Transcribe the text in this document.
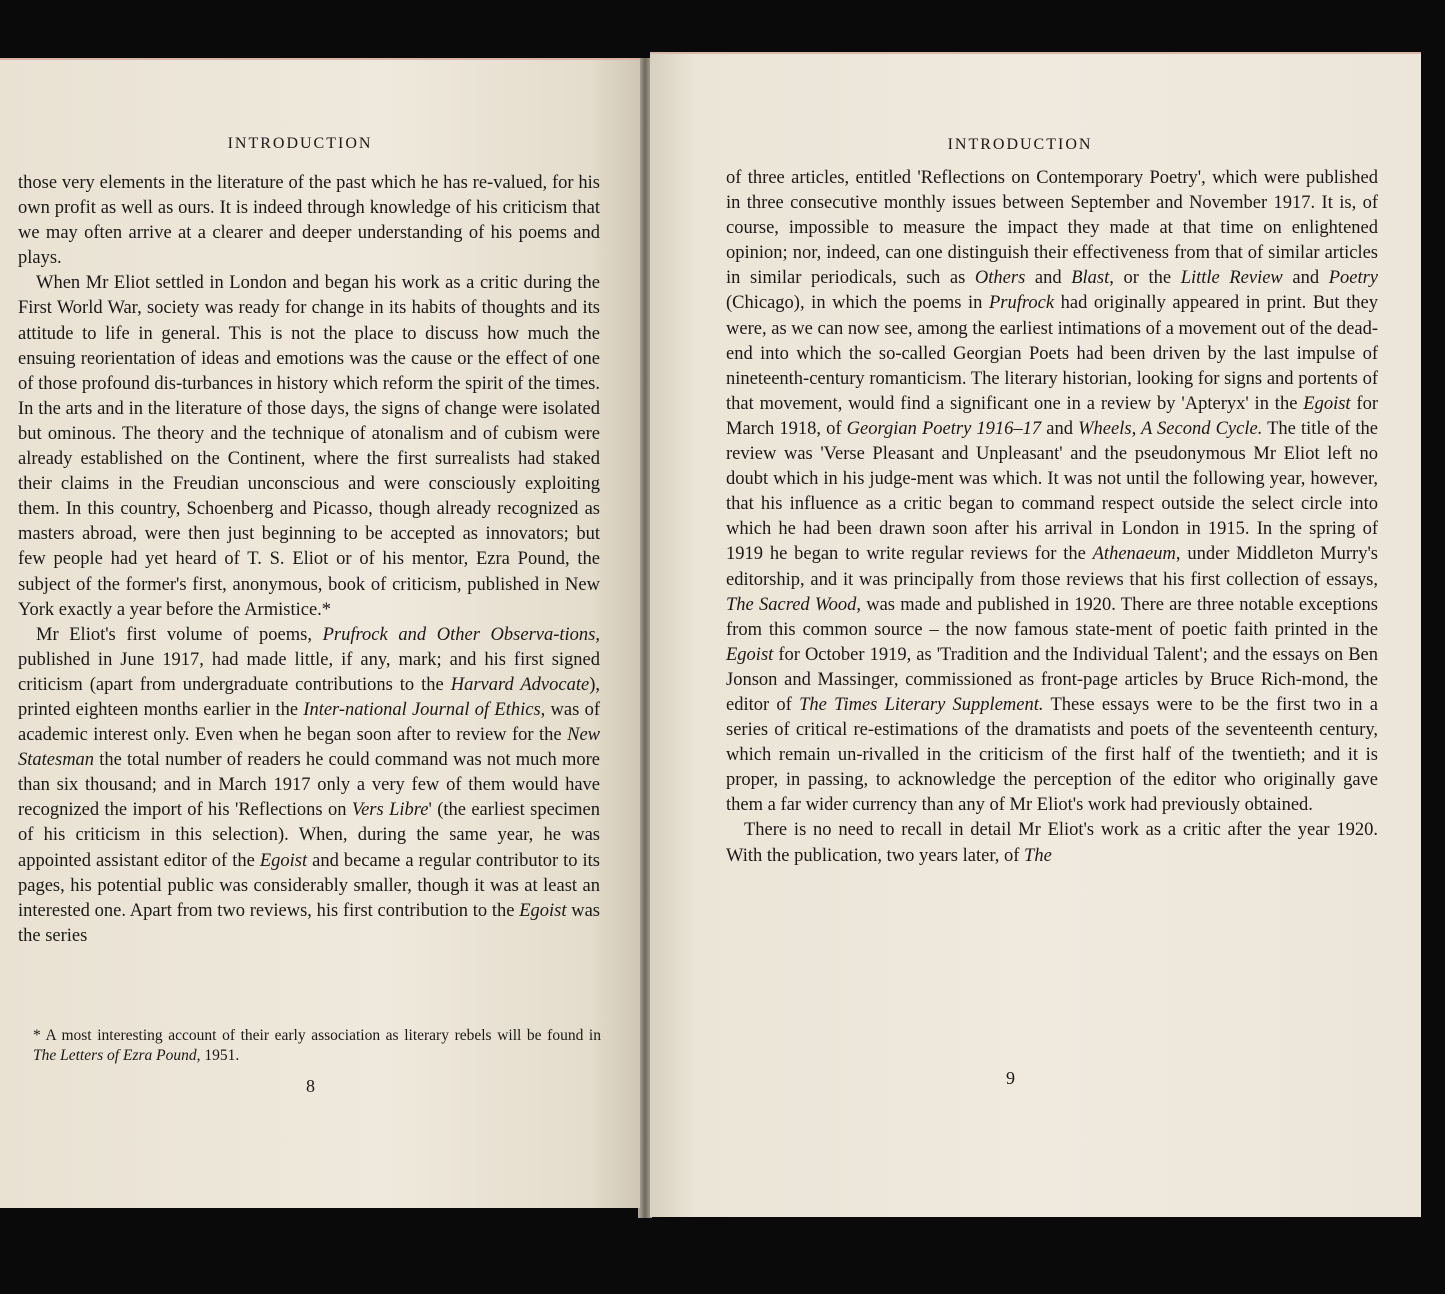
INTRODUCTION

those very elements in the literature of the past which he has re-valued, for his own profit as well as ours. It is indeed through knowledge of his criticism that we may often arrive at a clearer and deeper understanding of his poems and plays.

When Mr Eliot settled in London and began his work as a critic during the First World War, society was ready for change in its habits of thoughts and its attitude to life in general. This is not the place to discuss how much the ensuing reorientation of ideas and emotions was the cause or the effect of one of those profound dis-turbances in history which reform the spirit of the times. In the arts and in the literature of those days, the signs of change were isolated but ominous. The theory and the technique of atonalism and of cubism were already established on the Continent, where the first surrealists had staked their claims in the Freudian unconscious and were consciously exploiting them. In this country, Schoenberg and Picasso, though already recognized as masters abroad, were then just beginning to be accepted as innovators; but few people had yet heard of T. S. Eliot or of his mentor, Ezra Pound, the subject of the former's first, anonymous, book of criticism, published in New York exactly a year before the Armistice.*

Mr Eliot's first volume of poems, Prufrock and Other Observa-tions, published in June 1917, had made little, if any, mark; and his first signed criticism (apart from undergraduate contributions to the Harvard Advocate), printed eighteen months earlier in the Inter-national Journal of Ethics, was of academic interest only. Even when he began soon after to review for the New Statesman the total number of readers he could command was not much more than six thousand; and in March 1917 only a very few of them would have recognized the import of his 'Reflections on Vers Libre' (the earliest specimen of his criticism in this selection). When, during the same year, he was appointed assistant editor of the Egoist and became a regular contributor to its pages, his potential public was considerably smaller, though it was at least an interested one. Apart from two reviews, his first contribution to the Egoist was the series

* A most interesting account of their early association as literary rebels will be found in The Letters of Ezra Pound, 1951.
8
INTRODUCTION

of three articles, entitled 'Reflections on Contemporary Poetry', which were published in three consecutive monthly issues between September and November 1917. It is, of course, impossible to measure the impact they made at that time on enlightened opinion; nor, indeed, can one distinguish their effectiveness from that of similar articles in similar periodicals, such as Others and Blast, or the Little Review and Poetry (Chicago), in which the poems in Prufrock had originally appeared in print. But they were, as we can now see, among the earliest intimations of a movement out of the dead-end into which the so-called Georgian Poets had been driven by the last impulse of nineteenth-century romanticism. The literary historian, looking for signs and portents of that movement, would find a significant one in a review by 'Apteryx' in the Egoist for March 1918, of Georgian Poetry 1916–17 and Wheels, A Second Cycle. The title of the review was 'Verse Pleasant and Unpleasant' and the pseudonymous Mr Eliot left no doubt which in his judge-ment was which. It was not until the following year, however, that his influence as a critic began to command respect outside the select circle into which he had been drawn soon after his arrival in London in 1915. In the spring of 1919 he began to write regular reviews for the Athenaeum, under Middleton Murry's editorship, and it was principally from those reviews that his first collection of essays, The Sacred Wood, was made and published in 1920. There are three notable exceptions from this common source – the now famous state-ment of poetic faith printed in the Egoist for October 1919, as 'Tradition and the Individual Talent'; and the essays on Ben Jonson and Massinger, commissioned as front-page articles by Bruce Rich-mond, the editor of The Times Literary Supplement. These essays were to be the first two in a series of critical re-estimations of the dramatists and poets of the seventeenth century, which remain un-rivalled in the criticism of the first half of the twentieth; and it is proper, in passing, to acknowledge the perception of the editor who originally gave them a far wider currency than any of Mr Eliot's work had previously obtained.

There is no need to recall in detail Mr Eliot's work as a critic after the year 1920. With the publication, two years later, of The

9
